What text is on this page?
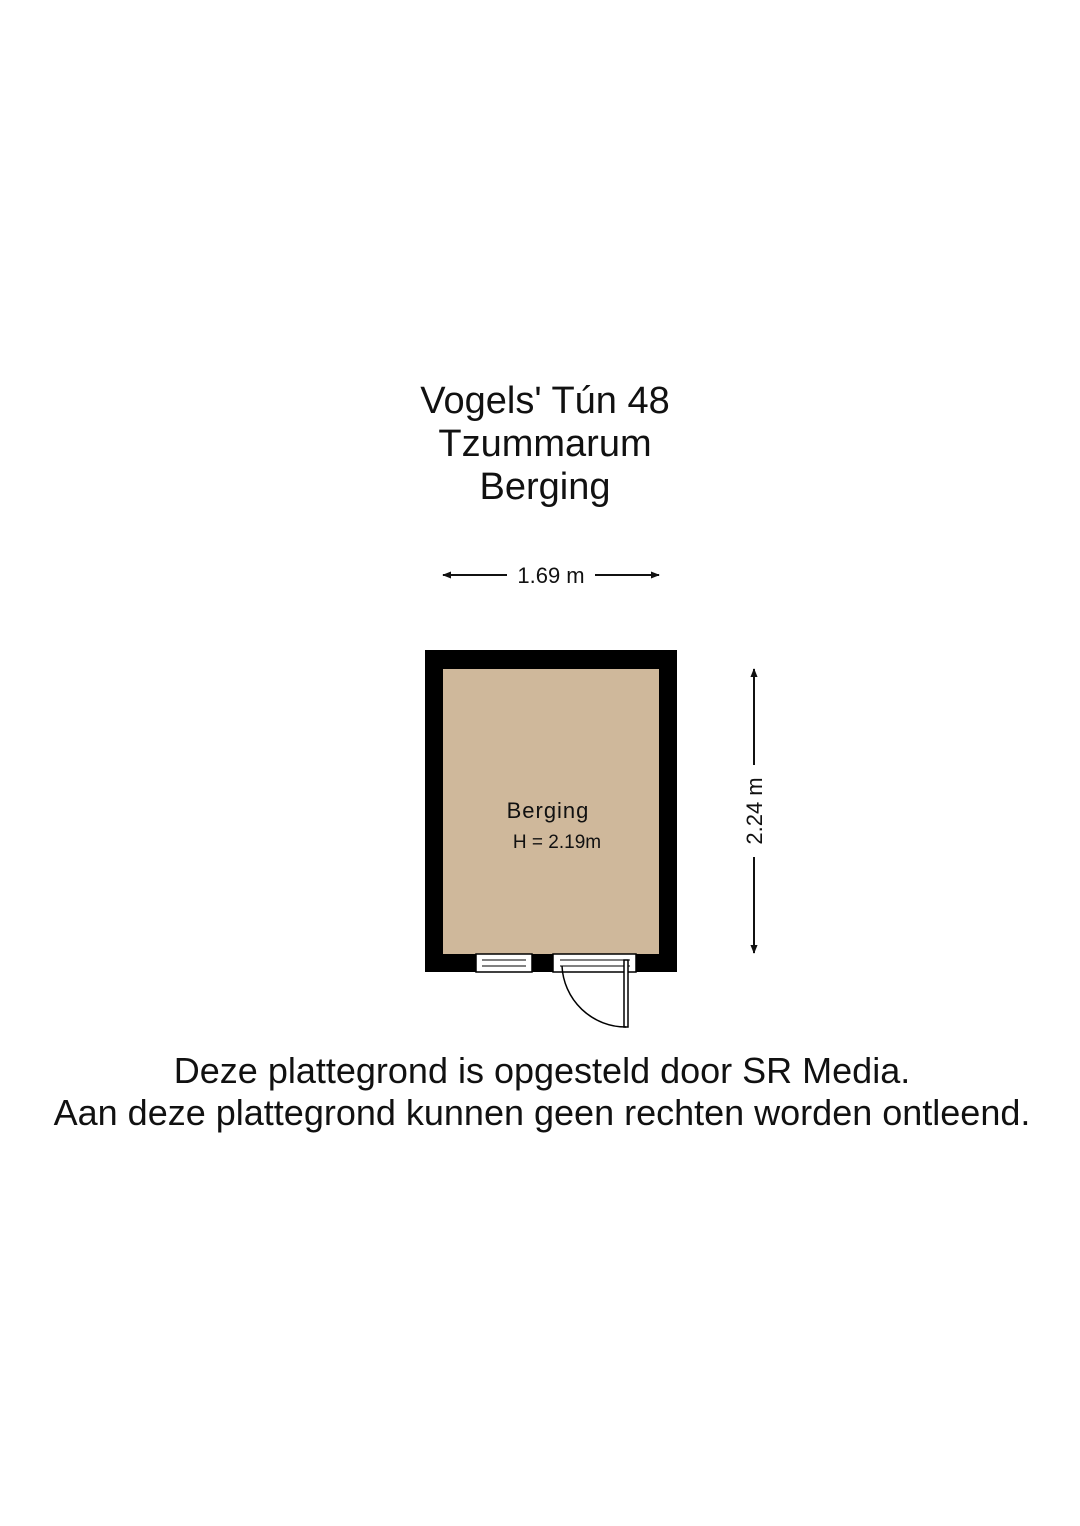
Vogels' Tún 48
Tzummarum
Berging
1.69 m
2.24 m
Berging
H = 2.19m
Deze plattegrond is opgesteld door SR Media.
Aan deze plattegrond kunnen geen rechten worden ontleend.
